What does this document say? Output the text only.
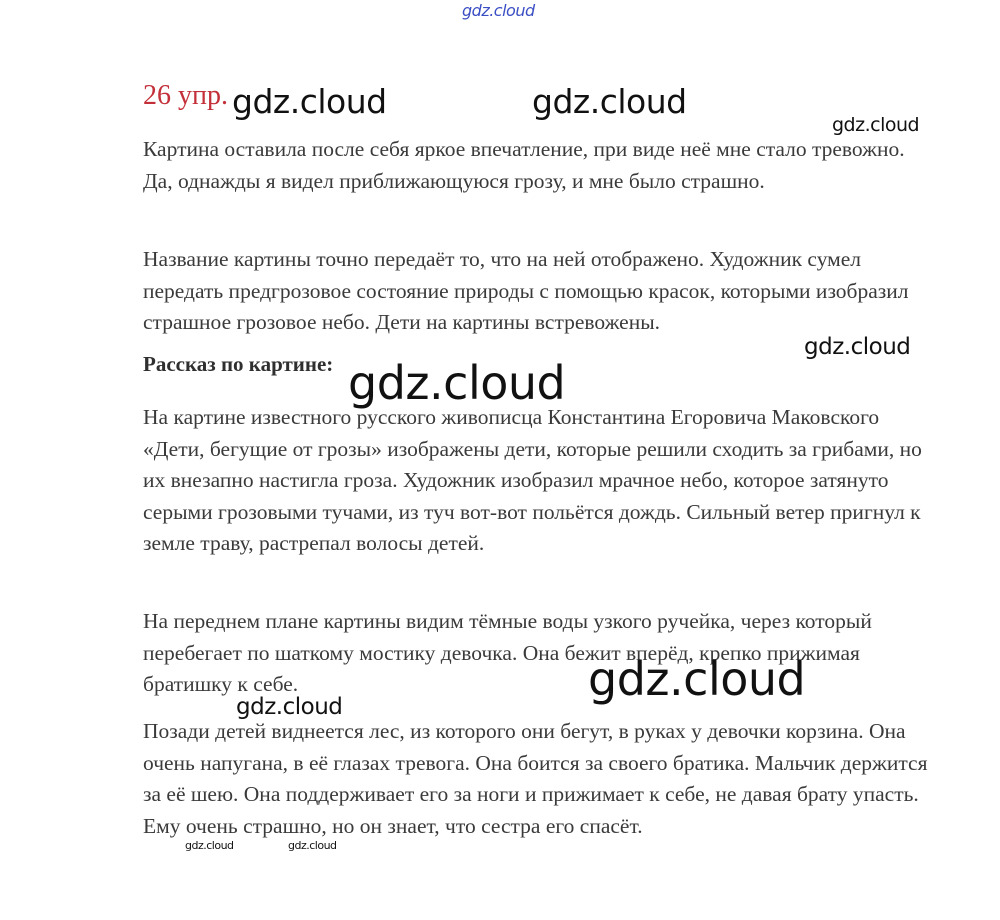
26 упр.

Картина оставила после себя яркое впечатление, при виде неё мне стало тревожно. Да, однажды я видел приближающуюся грозу, и мне было страшно.

Название картины точно передаёт то, что на ней отображено. Художник сумел передать предгрозовое состояние природы с помощью красок, которыми изобразил страшное грозовое небо. Дети на картины встревожены.

Рассказ по картине:

На картине известного русского живописца Константина Егоровича Маковского «Дети, бегущие от грозы» изображены дети, которые решили сходить за грибами, но их внезапно настигла гроза. Художник изобразил мрачное небо, которое затянуто серыми грозовыми тучами, из туч вот-вот польётся дождь. Сильный ветер пригнул к земле траву, растрепал волосы детей.

На переднем плане картины видим тёмные воды узкого ручейка, через который перебегает по шаткому мостику девочка. Она бежит вперёд, крепко прижимая братишку к себе.

Позади детей виднеется лес, из которого они бегут, в руках у девочки корзина. Она очень напугана, в её глазах тревога. Она боится за своего братика. Мальчик держится за её шею. Она поддерживает его за ноги и прижимает к себе, не давая брату упасть. Ему очень страшно, но он знает, что сестра его спасёт.

gdz.cloud
gdz.cloud	gdz.cloud
gdz.cloud
gdz.cloud
gdz.cloud
gdz.cloud
gdz.cloud
gdz.cloud	gdz.cloud
